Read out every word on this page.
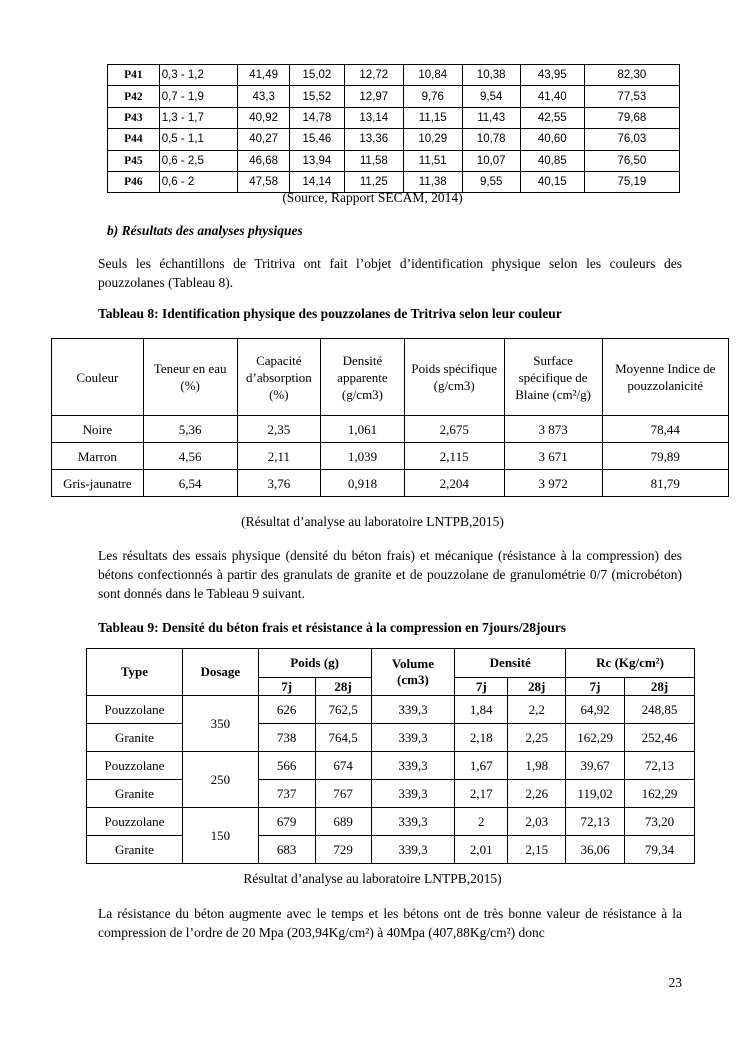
P41	0,3 - 1,2	41,49	15,02	12,72	10,84	10,38	43,95	82,30
P42	0,7 - 1,9	43,3	15,52	12,97	9,76	9,54	41,40	77,53
P43	1,3 - 1,7	40,92	14,78	13,14	11,15	11,43	42,55	79,68
P44	0,5 - 1,1	40,27	15,46	13,36	10,29	10,78	40,60	76,03
P45	0,6 - 2,5	46,68	13,94	11,58	11,51	10,07	40,85	76,50
P46	0,6 - 2	47,58	14,14	11,25	11,38	9,55	40,15	75,19
(Source, Rapport SECAM, 2014)
b) Résultats des analyses physiques
Seuls les échantillons de Tritriva ont fait l’objet d’identification physique selon les couleurs des pouzzolanes (Tableau 8).
Tableau 8: Identification physique des pouzzolanes de Tritriva selon leur couleur
Couleur	Teneur en eau (%)	Capacité d’absorption (%)	Densité apparente (g/cm3)	Poids spécifique (g/cm3)	Surface spécifique de Blaine (cm²/g)	Moyenne Indice de pouzzolanicité
Noire	5,36	2,35	1,061	2,675	3 873	78,44
Marron	4,56	2,11	1,039	2,115	3 671	79,89
Gris-jaunatre	6,54	3,76	0,918	2,204	3 972	81,79
(Résultat d’analyse au laboratoire LNTPB,2015)
Les résultats des essais physique (densité du béton frais) et mécanique (résistance à la compression) des bétons confectionnés à partir des granulats de granite et de pouzzolane de granulométrie 0/7 (microbéton) sont donnés dans le Tableau 9 suivant.
Tableau 9: Densité du béton frais et résistance à la compression en 7jours/28jours
Type	Dosage	Poids (g)		Volume (cm3)	Densité		Rc (Kg/cm²)	
		7j	28j		7j	28j	7j	28j
Pouzzolane	350	626	762,5	339,3	1,84	2,2	64,92	248,85
Granite		738	764,5	339,3	2,18	2,25	162,29	252,46
Pouzzolane	250	566	674	339,3	1,67	1,98	39,67	72,13
Granite		737	767	339,3	2,17	2,26	119,02	162,29
Pouzzolane	150	679	689	339,3	2	2,03	72,13	73,20
Granite		683	729	339,3	2,01	2,15	36,06	79,34
Résultat d’analyse au laboratoire LNTPB,2015)
La résistance du béton augmente avec le temps et les bétons ont de très bonne valeur de résistance à la compression de l’ordre de 20 Mpa (203,94Kg/cm²) à 40Mpa (407,88Kg/cm²) donc
23
